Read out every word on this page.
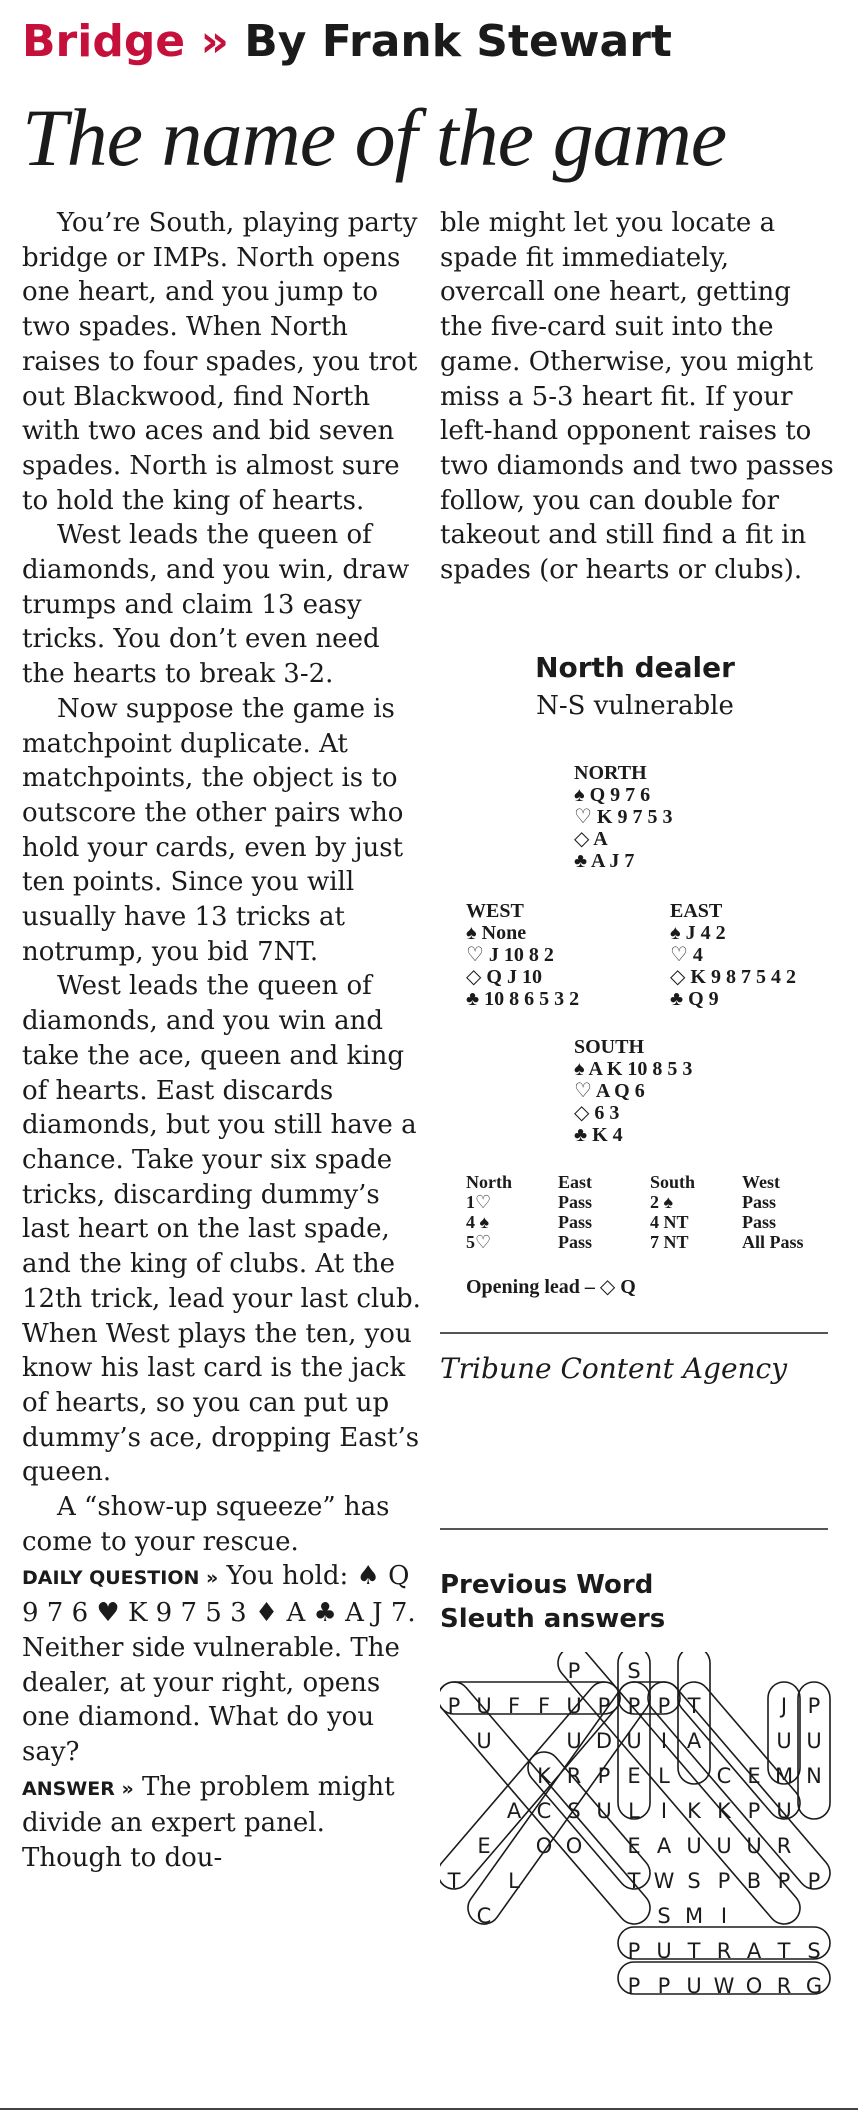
Bridge » By Frank Stewart
The name of the game

You’re South, playing party bridge or IMPs. North opens one heart, and you jump to two spades. When North raises to four spades, you trot out Blackwood, find North with two aces and bid seven spades. North is almost sure to hold the king of hearts.

West leads the queen of diamonds, and you win, draw trumps and claim 13 easy tricks. You don’t even need the hearts to break 3-2.

Now suppose the game is matchpoint duplicate. At matchpoints, the object is to outscore the other pairs who hold your cards, even by just ten points. Since you will usually have 13 tricks at notrump, you bid 7NT.

West leads the queen of diamonds, and you win and take the ace, queen and king of hearts. East discards diamonds, but you still have a chance. Take your six spade tricks, discarding dummy’s last heart on the last spade, and the king of clubs. At the 12th trick, lead your last club. When West plays the ten, you know his last card is the jack of hearts, so you can put up dummy’s ace, dropping East’s queen.

A “show-up squeeze” has come to your rescue.

DAILY QUESTION » You hold: ♠ Q 9 7 6 ♥ K 9 7 5 3 ♦ A ♣ A J 7. Neither side vulnerable. The dealer, at your right, opens one diamond. What do you say?

ANSWER » The problem might divide an expert panel. Though to dou-

ble might let you locate a spade fit immediately, overcall one heart, getting the five-card suit into the game. Otherwise, you might miss a 5-3 heart fit. If your left-hand opponent raises to two diamonds and two passes follow, you can double for takeout and still find a fit in spades (or hearts or clubs).

North dealer
N-S vulnerable
NORTH
♠ Q 9 7 6
♡ K 9 7 5 3
◇ A
♣ A J 7
WEST
♠ None
♡ J 10 8 2
◇ Q J 10
♣ 10 8 6 5 3 2
EAST
♠ J 4 2
♡ 4
◇ K 9 8 7 5 4 2
♣ Q 9
SOUTH
♠ A K 10 8 5 3
♡ A Q 6
◇ 6 3
♣ K 4
North	East	South	West
1♡	Pass	2 ♠	Pass
4 ♠	Pass	4 NT	Pass
5♡	Pass	7 NT	All Pass
Opening lead – ◇ Q
Tribune Content Agency
Previous Word
Sleuth answers
P S
P U F F U P P P T	J P
U	U D U I A	U U
K R P E L C E M N
A C S U L I K K P U
E O O E A U U U R
T L	T W S P B P P
C	S M I
P U T R A T S
P P U W O R G
